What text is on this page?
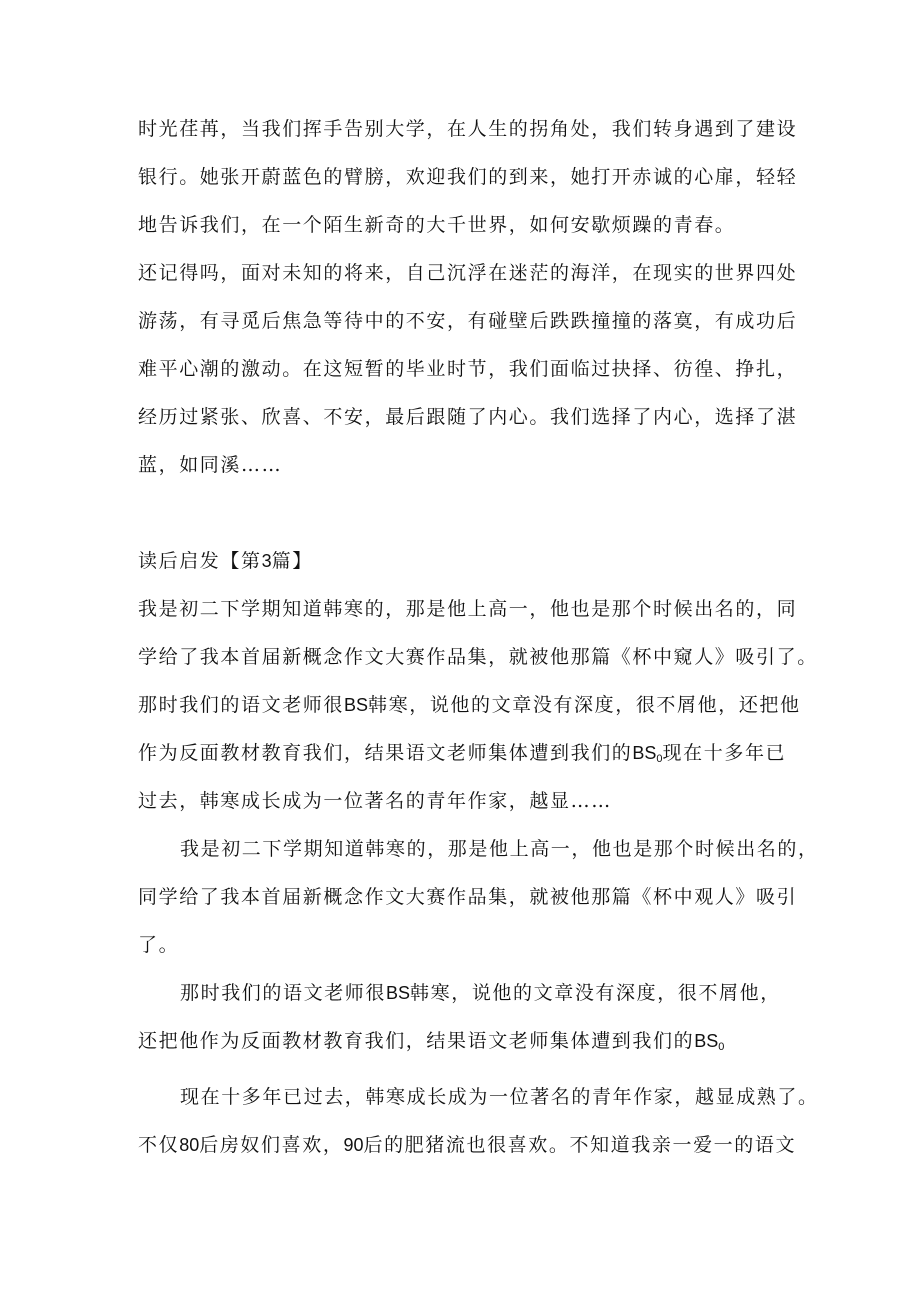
时光荏苒，当我们挥手告别大学，在人生的拐角处，我们转身遇到了建设
银行。她张开蔚蓝色的臂膀，欢迎我们的到来，她打开赤诚的心扉，轻轻
地告诉我们，在一个陌生新奇的大千世界，如何安歇烦躁的青春。
还记得吗，面对未知的将来，自己沉浮在迷茫的海洋，在现实的世界四处
游荡，有寻觅后焦急等待中的不安，有碰壁后跌跌撞撞的落寞，有成功后
难平心潮的激动。在这短暂的毕业时节，我们面临过抉择、彷徨、挣扎，
经历过紧张、欣喜、不安，最后跟随了内心。我们选择了内心，选择了湛
蓝，如同溪……
读后启发【第3篇】
我是初二下学期知道韩寒的，那是他上高一，他也是那个时候出名的，同
学给了我本首届新概念作文大赛作品集，就被他那篇《杯中窥人》吸引了。
那时我们的语文老师很BS韩寒，说他的文章没有深度，很不屑他，还把他
作为反面教材教育我们，结果语文老师集体遭到我们的$BS_0$现在十多年已
过去，韩寒成长成为一位著名的青年作家，越显……
我是初二下学期知道韩寒的，那是他上高一，他也是那个时候出名的，
同学给了我本首届新概念作文大赛作品集，就被他那篇《杯中观人》吸引
了。
那时我们的语文老师很BS韩寒，说他的文章没有深度，很不屑他，
还把他作为反面教材教育我们，结果语文老师集体遭到我们的$BS_0$
现在十多年已过去，韩寒成长成为一位著名的青年作家，越显成熟了。
不仅80后房奴们喜欢，90后的肥猪流也很喜欢。不知道我亲一爱一的语文
